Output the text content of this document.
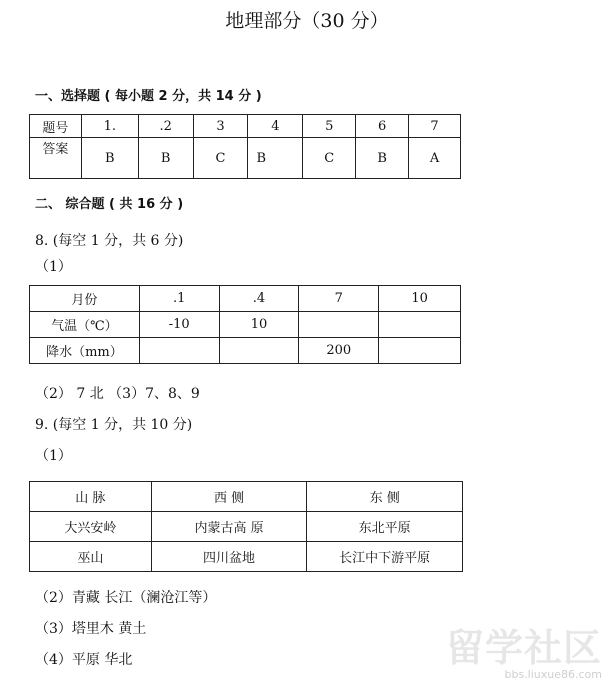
地理部分（30 分）
一、选择题 ( 每小题 2 分，共 14 分 )
题号	1.	.2	3	4	5	6	7
答案	B	B	C	B	C	B	A
二、 综合题 ( 共 16 分 )
8. (每空 1 分，共 6 分)
（1）
月份	.1	.4	7	10
气温（℃）	-10	10		
降水（mm）			200	
（2） 7 北 （3）7、8、9
9. (每空 1 分，共 10 分)
（1）
山 脉	西 侧	东 侧
大兴安岭	内蒙古高 原	东北平原
巫山	四川盆地	长江中下游平原
（2）青藏 长江（澜沧江等）
（3）塔里木 黄土
（4）平原 华北	留学社区
bbs.liuxue86.com
